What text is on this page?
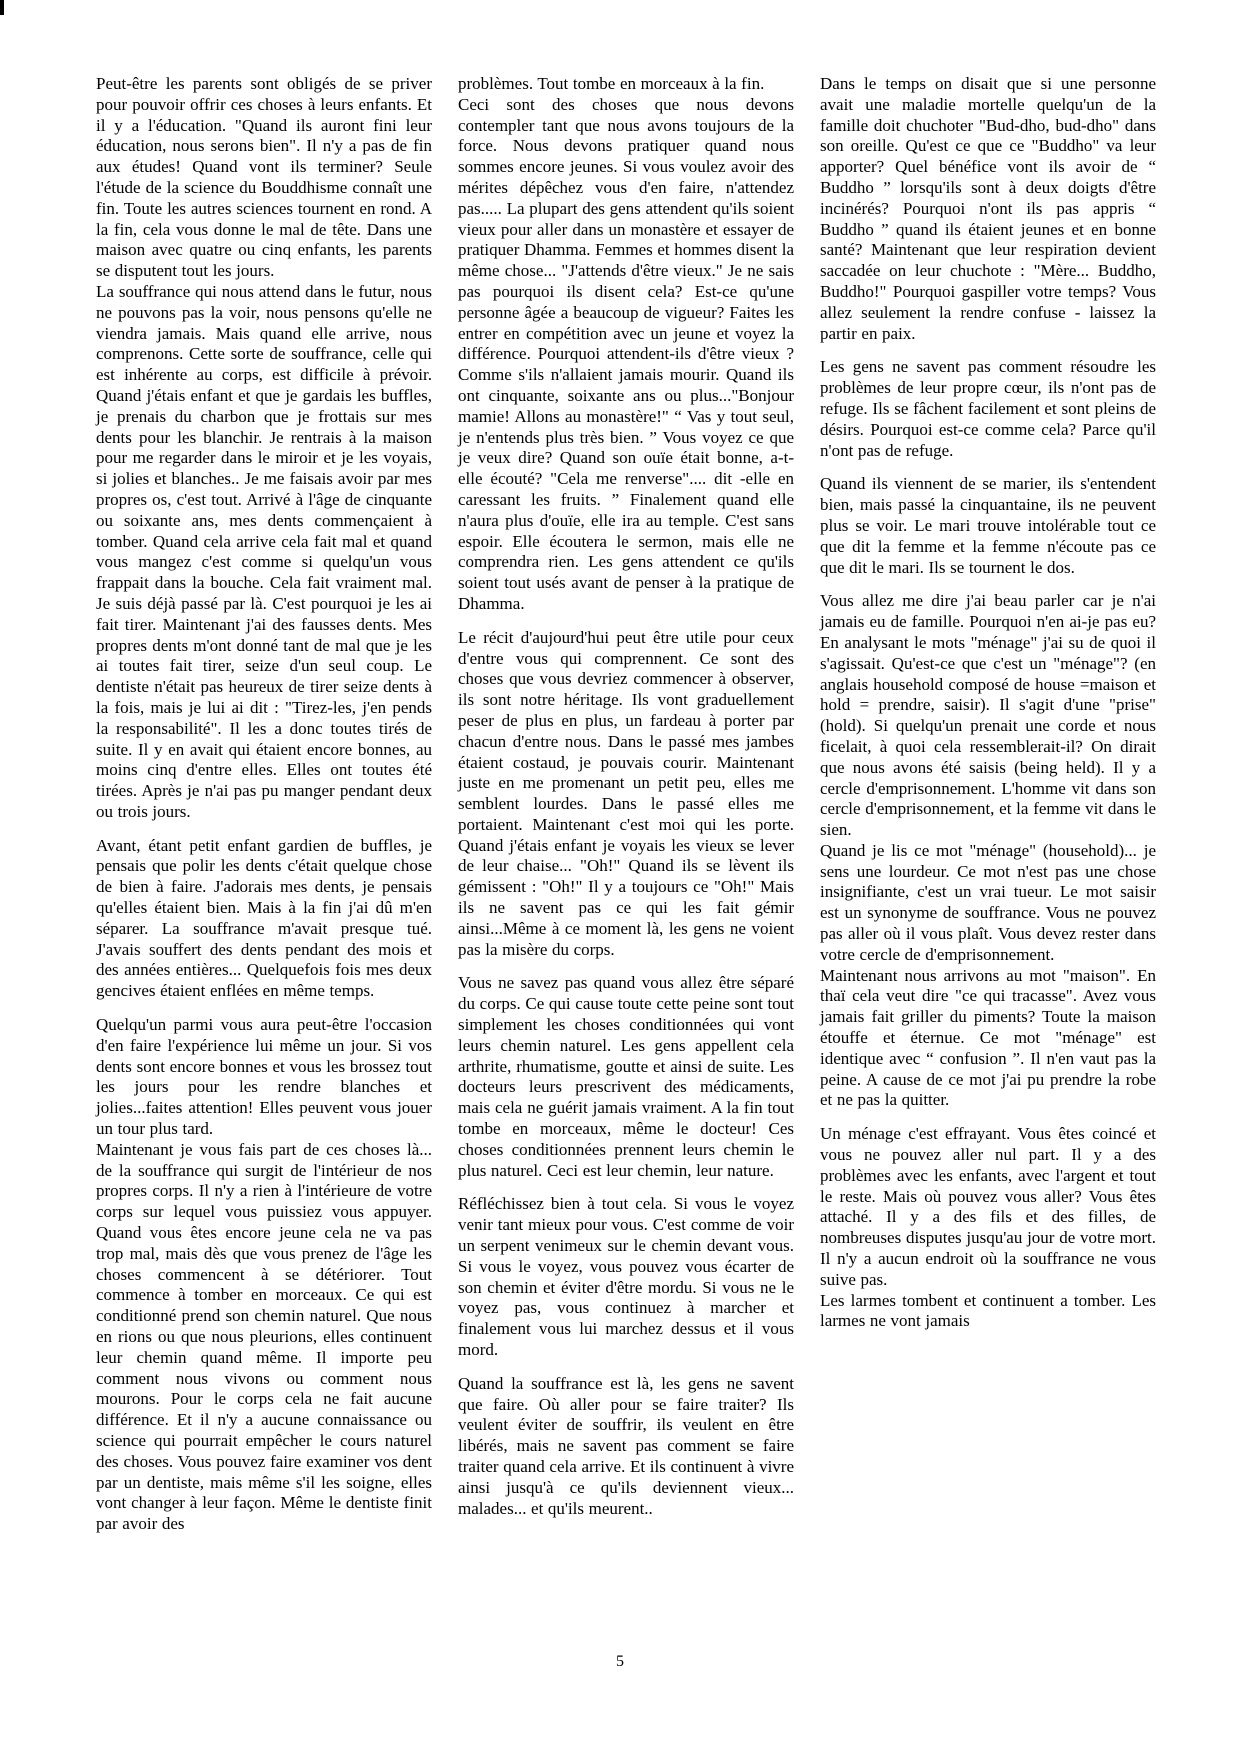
Peut-être les parents sont obligés de se priver pour pouvoir offrir ces choses à leurs enfants. Et il y a l'éducation. "Quand ils auront fini leur éducation, nous serons bien". Il n'y a pas de fin aux études! Quand vont ils terminer? Seule l'étude de la science du Bouddhisme connaît une fin. Toute les autres sciences tournent en rond. A la fin, cela vous donne le mal de tête. Dans une maison avec quatre ou cinq enfants, les parents se disputent tout les jours.

La souffrance qui nous attend dans le futur, nous ne pouvons pas la voir, nous pensons qu'elle ne viendra jamais. Mais quand elle arrive, nous comprenons. Cette sorte de souffrance, celle qui est inhérente au corps, est difficile à prévoir. Quand j'étais enfant et que je gardais les buffles, je prenais du charbon que je frottais sur mes dents pour les blanchir. Je rentrais à la maison pour me regarder dans le miroir et je les voyais, si jolies et blanches.. Je me faisais avoir par mes propres os, c'est tout. Arrivé à l'âge de cinquante ou soixante ans, mes dents commençaient à tomber. Quand cela arrive cela fait mal et quand vous mangez c'est comme si quelqu'un vous frappait dans la bouche. Cela fait vraiment mal. Je suis déjà passé par là. C'est pourquoi je les ai fait tirer. Maintenant j'ai des fausses dents. Mes propres dents m'ont donné tant de mal que je les ai toutes fait tirer, seize d'un seul coup. Le dentiste n'était pas heureux de tirer seize dents à la fois, mais je lui ai dit : "Tirez-les, j'en pends la responsabilité". Il les a donc toutes tirés de suite. Il y en avait qui étaient encore bonnes, au moins cinq d'entre elles. Elles ont toutes été tirées. Après je n'ai pas pu manger pendant deux ou trois jours.

Avant, étant petit enfant gardien de buffles, je pensais que polir les dents c'était quelque chose de bien à faire. J'adorais mes dents, je pensais qu'elles étaient bien. Mais à la fin j'ai dû m'en séparer. La souffrance m'avait presque tué. J'avais souffert des dents pendant des mois et des années entières... Quelquefois fois mes deux gencives étaient enflées en même temps.

Quelqu'un parmi vous aura peut-être l'occasion d'en faire l'expérience lui même un jour. Si vos dents sont encore bonnes et vous les brossez tout les jours pour les rendre blanches et jolies...faites attention! Elles peuvent vous jouer un tour plus tard.

Maintenant je vous fais part de ces choses là... de la souffrance qui surgit de l'intérieur de nos propres corps. Il n'y a rien à l'intérieure de votre corps sur lequel vous puissiez vous appuyer. Quand vous êtes encore jeune cela ne va pas trop mal, mais dès que vous prenez de l'âge les choses commencent à se détériorer. Tout commence à tomber en morceaux. Ce qui est conditionné prend son chemin naturel. Que nous en rions ou que nous pleurions, elles continuent leur chemin quand même. Il importe peu comment nous vivons ou comment nous mourons. Pour le corps cela ne fait aucune différence. Et il n'y a aucune connaissance ou science qui pourrait empêcher le cours naturel des choses. Vous pouvez faire examiner vos dent par un dentiste, mais même s'il les soigne, elles vont changer à leur façon. Même le dentiste finit par avoir des

problèmes. Tout tombe en morceaux à la fin.

Ceci sont des choses que nous devons contempler tant que nous avons toujours de la force. Nous devons pratiquer quand nous sommes encore jeunes. Si vous voulez avoir des mérites dépêchez vous d'en faire, n'attendez pas..... La plupart des gens attendent qu'ils soient vieux pour aller dans un monastère et essayer de pratiquer Dhamma. Femmes et hommes disent la même chose... "J'attends d'être vieux." Je ne sais pas pourquoi ils disent cela? Est-ce qu'une personne âgée a beaucoup de vigueur? Faites les entrer en compétition avec un jeune et voyez la différence. Pourquoi attendent-ils d'être vieux ? Comme s'ils n'allaient jamais mourir. Quand ils ont cinquante, soixante ans ou plus..."Bonjour mamie! Allons au monastère!" “ Vas y tout seul, je n'entends plus très bien. ” Vous voyez ce que je veux dire? Quand son ouïe était bonne, a-t-elle écouté? "Cela me renverse".... dit -elle en caressant les fruits. ” Finalement quand elle n'aura plus d'ouïe, elle ira au temple. C'est sans espoir. Elle écoutera le sermon, mais elle ne comprendra rien. Les gens attendent ce qu'ils soient tout usés avant de penser à la pratique de Dhamma.

Le récit d'aujourd'hui peut être utile pour ceux d'entre vous qui comprennent. Ce sont des choses que vous devriez commencer à observer, ils sont notre héritage. Ils vont graduellement peser de plus en plus, un fardeau à porter par chacun d'entre nous. Dans le passé mes jambes étaient costaud, je pouvais courir. Maintenant juste en me promenant un petit peu, elles me semblent lourdes. Dans le passé elles me portaient. Maintenant c'est moi qui les porte. Quand j'étais enfant je voyais les vieux se lever de leur chaise... "Oh!" Quand ils se lèvent ils gémissent : "Oh!" Il y a toujours ce "Oh!" Mais ils ne savent pas ce qui les fait gémir ainsi...Même à ce moment là, les gens ne voient pas la misère du corps.

Vous ne savez pas quand vous allez être séparé du corps. Ce qui cause toute cette peine sont tout simplement les choses conditionnées qui vont leurs chemin naturel. Les gens appellent cela arthrite, rhumatisme, goutte et ainsi de suite. Les docteurs leurs prescrivent des médicaments, mais cela ne guérit jamais vraiment. A la fin tout tombe en morceaux, même le docteur! Ces choses conditionnées prennent leurs chemin le plus naturel. Ceci est leur chemin, leur nature.

Réfléchissez bien à tout cela. Si vous le voyez venir tant mieux pour vous. C'est comme de voir un serpent venimeux sur le chemin devant vous. Si vous le voyez, vous pouvez vous écarter de son chemin et éviter d'être mordu. Si vous ne le voyez pas, vous continuez à marcher et finalement vous lui marchez dessus et il vous mord.

Quand la souffrance est là, les gens ne savent que faire. Où aller pour se faire traiter? Ils veulent éviter de souffrir, ils veulent en être libérés, mais ne savent pas comment se faire traiter quand cela arrive. Et ils continuent à vivre ainsi jusqu'à ce qu'ils deviennent vieux... malades... et qu'ils meurent..

Dans le temps on disait que si une personne avait une maladie mortelle quelqu'un de la famille doit chuchoter "Bud-dho, bud-dho" dans son oreille. Qu'est ce que ce "Buddho" va leur apporter? Quel bénéfice vont ils avoir de “ Buddho ” lorsqu'ils sont à deux doigts d'être incinérés? Pourquoi n'ont ils pas appris “ Buddho ” quand ils étaient jeunes et en bonne santé? Maintenant que leur respiration devient saccadée on leur chuchote : "Mère... Buddho, Buddho!" Pourquoi gaspiller votre temps? Vous allez seulement la rendre confuse - laissez la partir en paix.

Les gens ne savent pas comment résoudre les problèmes de leur propre cœur, ils n'ont pas de refuge. Ils se fâchent facilement et sont pleins de désirs. Pourquoi est-ce comme cela? Parce qu'il n'ont pas de refuge.

Quand ils viennent de se marier, ils s'entendent bien, mais passé la cinquantaine, ils ne peuvent plus se voir. Le mari trouve intolérable tout ce que dit la femme et la femme n'écoute pas ce que dit le mari. Ils se tournent le dos.

Vous allez me dire j'ai beau parler car je n'ai jamais eu de famille. Pourquoi n'en ai-je pas eu? En analysant le mots "ménage" j'ai su de quoi il s'agissait. Qu'est-ce que c'est un "ménage"? (en anglais household composé de house =maison et hold = prendre, saisir). Il s'agit d'une "prise" (hold). Si quelqu'un prenait une corde et nous ficelait, à quoi cela ressemblerait-il? On dirait que nous avons été saisis (being held). Il y a cercle d'emprisonnement. L'homme vit dans son cercle d'emprisonnement, et la femme vit dans le sien.

Quand je lis ce mot "ménage" (household)... je sens une lourdeur. Ce mot n'est pas une chose insignifiante, c'est un vrai tueur. Le mot saisir est un synonyme de souffrance. Vous ne pouvez pas aller où il vous plaît. Vous devez rester dans votre cercle de d'emprisonnement.

Maintenant nous arrivons au mot "maison". En thaï cela veut dire "ce qui tracasse". Avez vous jamais fait griller du piments? Toute la maison étouffe et éternue. Ce mot "ménage" est identique avec “ confusion ”. Il n'en vaut pas la peine. A cause de ce mot j'ai pu prendre la robe et ne pas la quitter.

Un ménage c'est effrayant. Vous êtes coincé et vous ne pouvez aller nul part. Il y a des problèmes avec les enfants, avec l'argent et tout le reste. Mais où pouvez vous aller? Vous êtes attaché. Il y a des fils et des filles, de nombreuses disputes jusqu'au jour de votre mort. Il n'y a aucun endroit où la souffrance ne vous suive pas.

Les larmes tombent et continuent a tomber. Les larmes ne vont jamais

5
